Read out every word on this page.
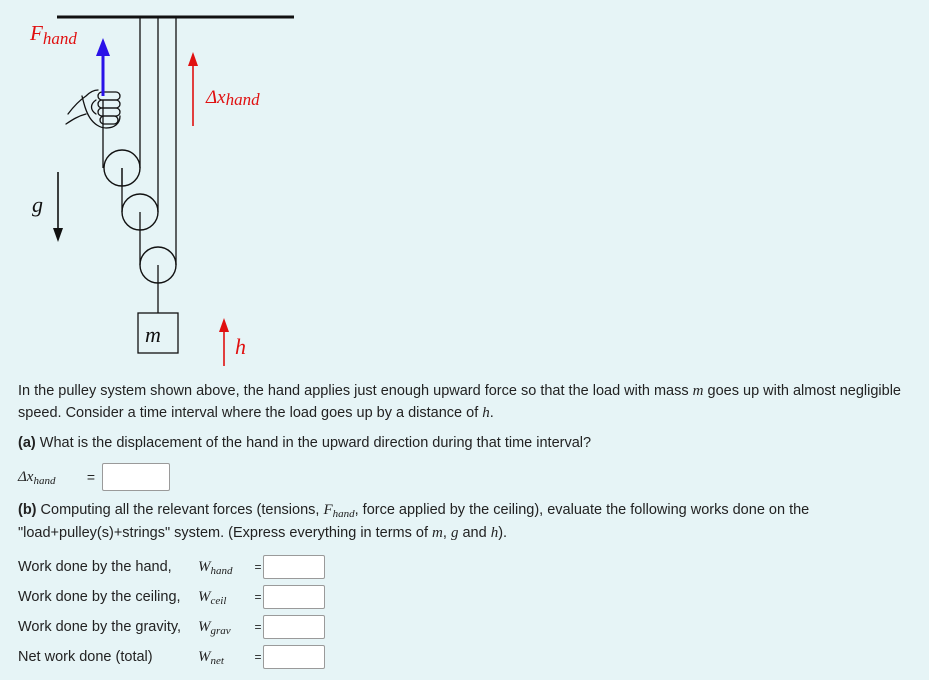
Fhand
Δxhand
g
m	h
In the pulley system shown above, the hand applies just enough upward force so that the load with mass m goes up with almost negligible speed. Consider a time interval where the load goes up by a distance of h.
(a) What is the displacement of the hand in the upward direction during that time interval?
$\Delta x_{hand}$	=
(b) Computing all the relevant forces (tensions, $F_{hand}$, force applied by the ceiling), evaluate the following works done on the "load+pulley(s)+strings" system. (Express everything in terms of m, g and h).
Work done by the hand,	$W_{hand}$	=
Work done by the ceiling,	$W_{ceil}$	=
Work done by the gravity,	$W_{grav}$	=
Net work done (total)	$W_{net}$	=
